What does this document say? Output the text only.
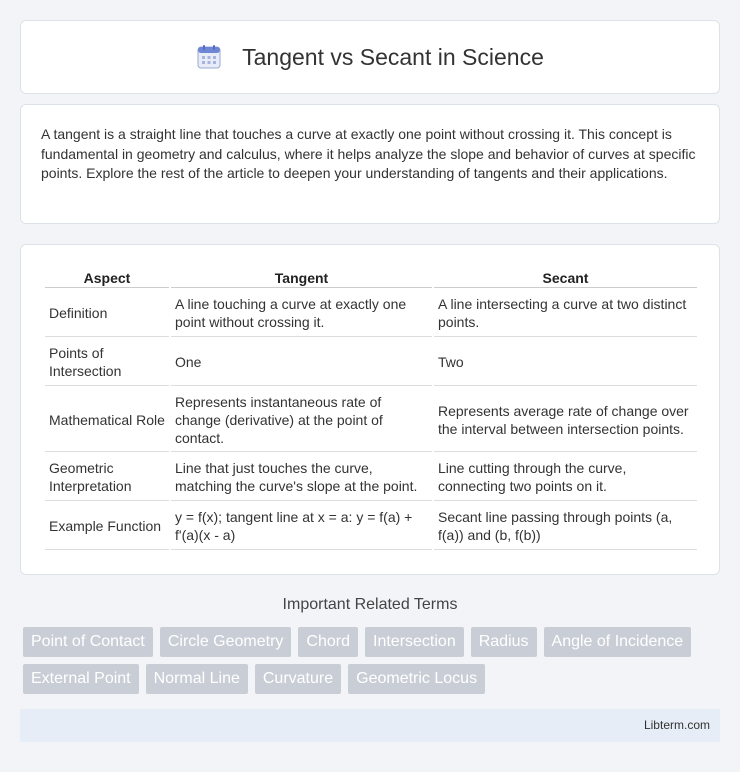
Tangent vs Secant in Science

A tangent is a straight line that touches a curve at exactly one point without crossing it. This concept is fundamental in geometry and calculus, where it helps analyze the slope and behavior of curves at specific points. Explore the rest of the article to deepen your understanding of tangents and their applications.

Aspect	Tangent	Secant
Definition	A line touching a curve at exactly one point without crossing it.	A line intersecting a curve at two distinct points.
Points of Intersection	One	Two
Mathematical Role	Represents instantaneous rate of change (derivative) at the point of contact.	Represents average rate of change over the interval between intersection points.
Geometric Interpretation	Line that just touches the curve, matching the curve's slope at the point.	Line cutting through the curve, connecting two points on it.
Example Function	y = f(x); tangent line at x = a: y = f(a) + f'(a)(x - a)	Secant line passing through points (a, f(a)) and (b, f(b))
Important Related Terms
Point of Contact	Circle Geometry	Chord	Intersection	Radius	Angle of Incidence
External Point	Normal Line	Curvature	Geometric Locus
Libterm.com
